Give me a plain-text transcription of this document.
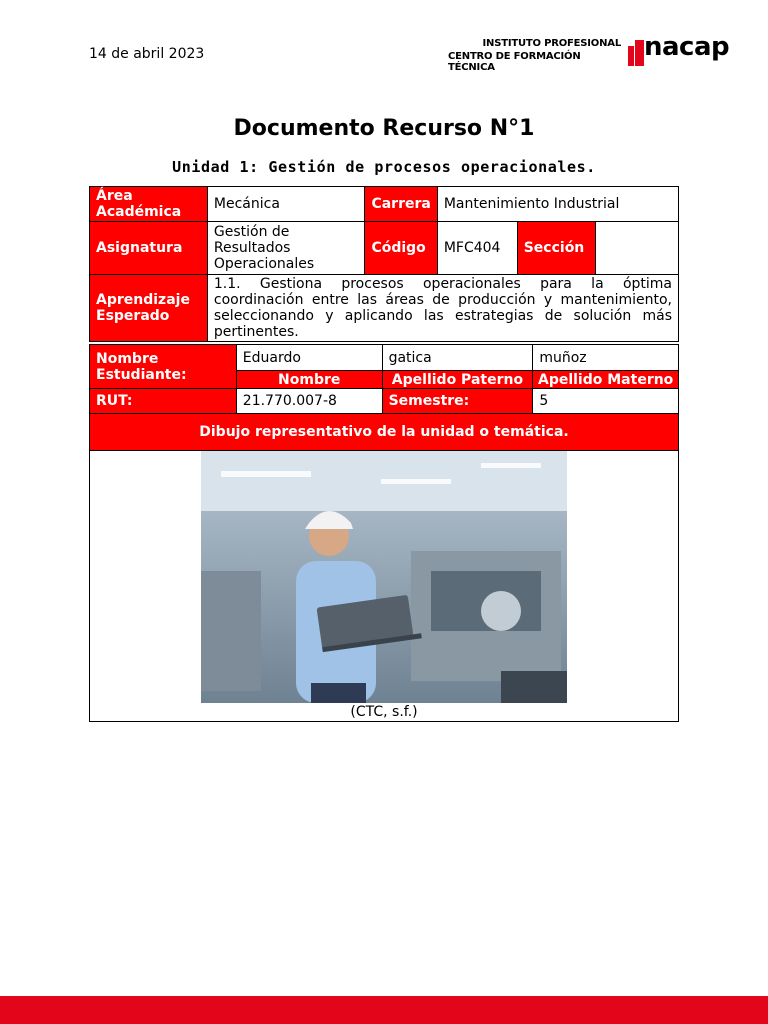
14 de abril 2023
INSTITUTO PROFESIONAL
CENTRO DE FORMACIÓN TÉCNICA
nacap
Documento Recurso N°1
Unidad 1: Gestión de procesos operacionales.
Área Académica	Mecánica	Carrera	Mantenimiento Industrial		
Asignatura	Gestión de Resultados Operacionales	Código	MFC404	Sección	
Aprendizaje Esperado	1.1. Gestiona procesos operacionales para la óptima coordinación entre las áreas de producción y mantenimiento, seleccionando y aplicando las estrategias de solución más pertinentes.				
Nombre Estudiante:	Eduardo	gatica	muñoz
	Nombre	Apellido Paterno	Apellido Materno
RUT:	21.770.007-8	Semestre:	5
Dibujo representativo de la unidad o temática.			

(CTC, s.f.)			
